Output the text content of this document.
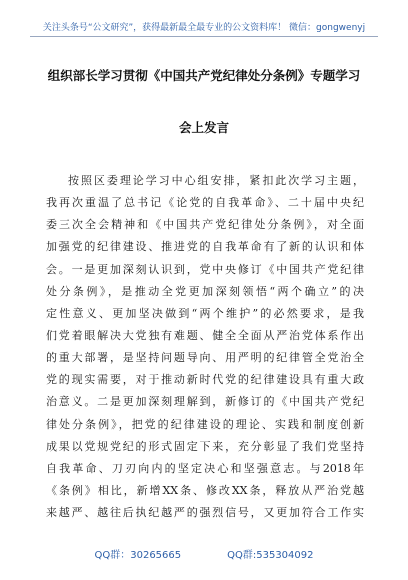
关注头条号“公文研究”，获得最新最全最专业的公文资料库！ 微信：gongwenyj
组织部长学习贯彻《中国共产党纪律处分条例》专题学习
会上发言
按照区委理论学习中心组安排，紧扣此次学习主题，
我再次重温了总书记《论党的自我革命》、二十届中央纪
委三次全会精神和《中国共产党纪律处分条例》，对全面
加强党的纪律建设、推进党的自我革命有了新的认识和体
会。一是更加深刻认识到，党中央修订《中国共产党纪律
处分条例》，是推动全党更加深刻领悟“两个确立”的决
定性意义、更加坚决做到“两个维护”的必然要求，是我
们党着眼解决大党独有难题、健全全面从严治党体系作出
的重大部署，是坚持问题导向、用严明的纪律管全党治全
党的现实需要，对于推动新时代党的纪律建设具有重大政
治意义。二是更加深刻理解到，新修订的《中国共产党纪
律处分条例》，把党的纪律建设的理论、实践和制度创新
成果以党规党纪的形式固定下来，充分彰显了我们党坚持
自我革命、刀刃向内的坚定决心和坚强意志。与2018年
《条例》相比，新增XX条、修改XX条，释放从严治党越
来越严、越往后执纪越严的强烈信号，又更加符合工作实
QQ群：30265665	QQ群:535304092
